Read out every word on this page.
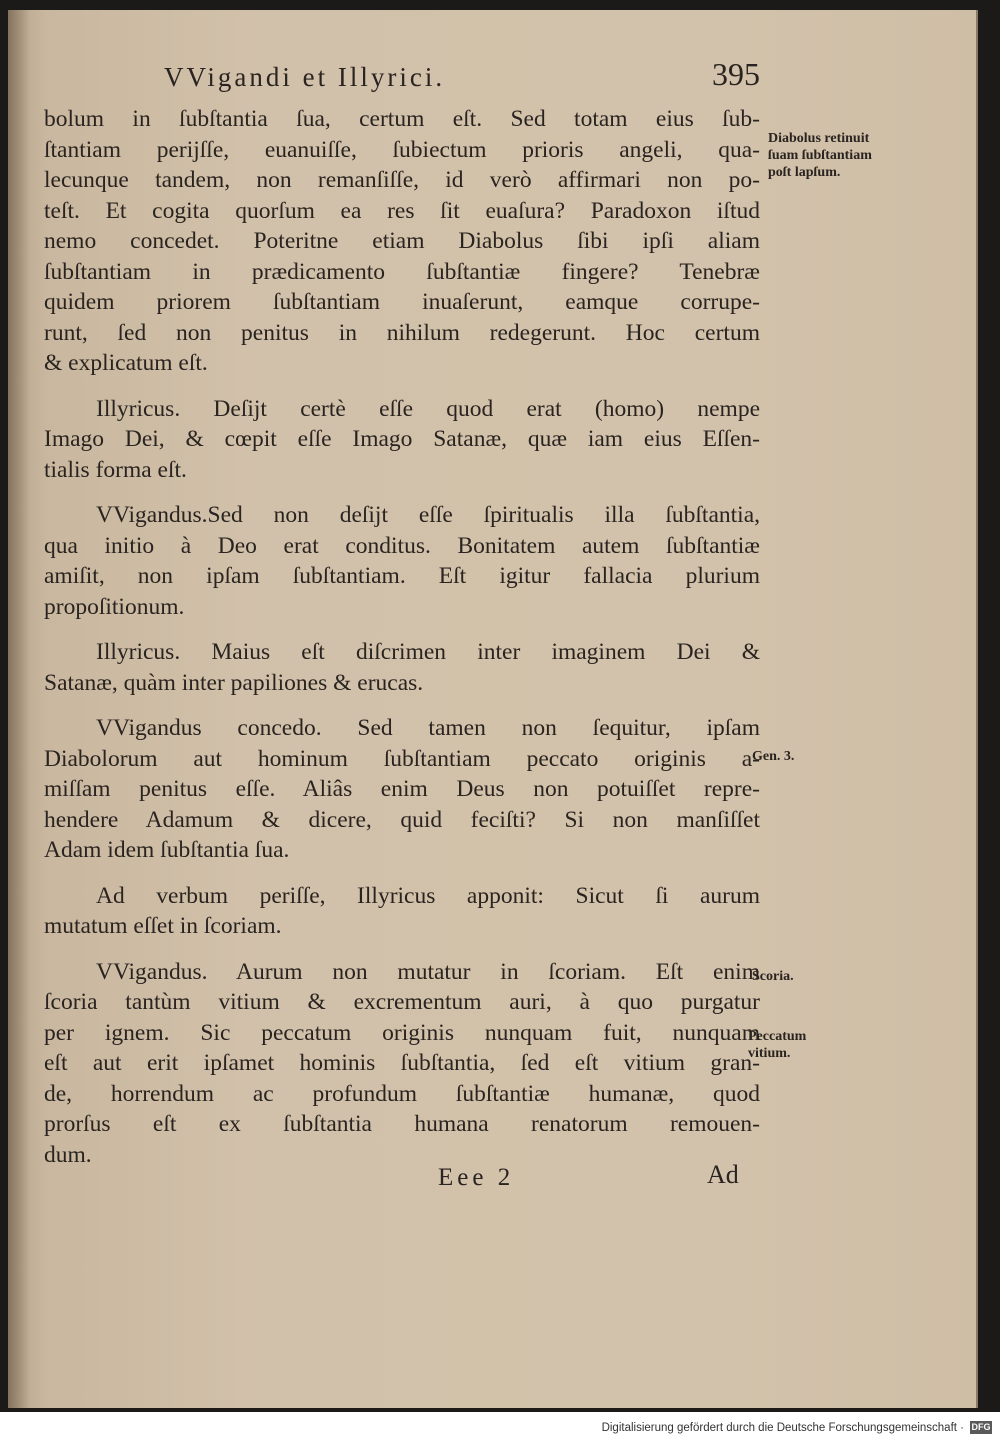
VVigandi et Illyrici.	395
bolum in ſubſtantia ſua, certum eſt. Sed totam eius ſub-
ſtantiam perijſſe, euanuiſſe, ſubiectum prioris angeli, qua-
lecunque tandem, non remanſiſſe, id verò affirmari non po-
teſt. Et cogita quorſum ea res ſit euaſura? Paradoxon iſtud
nemo concedet. Poteritne etiam Diabolus ſibi ipſi aliam
ſubſtantiam in prædicamento ſubſtantiæ fingere? Tenebræ
quidem priorem ſubſtantiam inuaſerunt, eamque corrupe-
runt, ſed non penitus in nihilum redegerunt. Hoc certum
& explicatum eſt.
Illyricus. Deſijt certè eſſe quod erat (homo) nempe
Imago Dei, & cœpit eſſe Imago Satanæ, quæ iam eius Eſſen-
tialis forma eſt.
VVigandus.Sed non deſijt eſſe ſpiritualis illa ſubſtantia,
qua initio à Deo erat conditus. Bonitatem autem ſubſtantiæ
amiſit, non ipſam ſubſtantiam. Eſt igitur fallacia plurium
propoſitionum.
Illyricus. Maius eſt diſcrimen inter imaginem Dei &
Satanæ, quàm inter papiliones & erucas.
VVigandus concedo. Sed tamen non ſequitur, ipſam
Diabolorum aut hominum ſubſtantiam peccato originis a-
miſſam penitus eſſe. Aliâs enim Deus non potuiſſet repre-
hendere Adamum & dicere, quid feciſti? Si non manſiſſet
Adam idem ſubſtantia ſua.
Ad verbum periſſe, Illyricus apponit: Sicut ſi aurum
mutatum eſſet in ſcoriam.
VVigandus. Aurum non mutatur in ſcoriam. Eſt enim
ſcoria tantùm vitium & excrementum auri, à quo purgatur
per ignem. Sic peccatum originis nunquam fuit, nunquam
eſt aut erit ipſamet hominis ſubſtantia, ſed eſt vitium gran-
de, horrendum ac profundum ſubſtantiæ humanæ, quod
prorſus eſt ex ſubſtantia humana renatorum remouen-
dum.
Diabolus retinuit ſuam ſubſtantiam poſt lapſum.
Gen. 3.
Scoria.
Peccatum vitium.
Eee 2	Ad
Digitalisierung gefördert durch die Deutsche Forschungsgemeinschaft · DFG
